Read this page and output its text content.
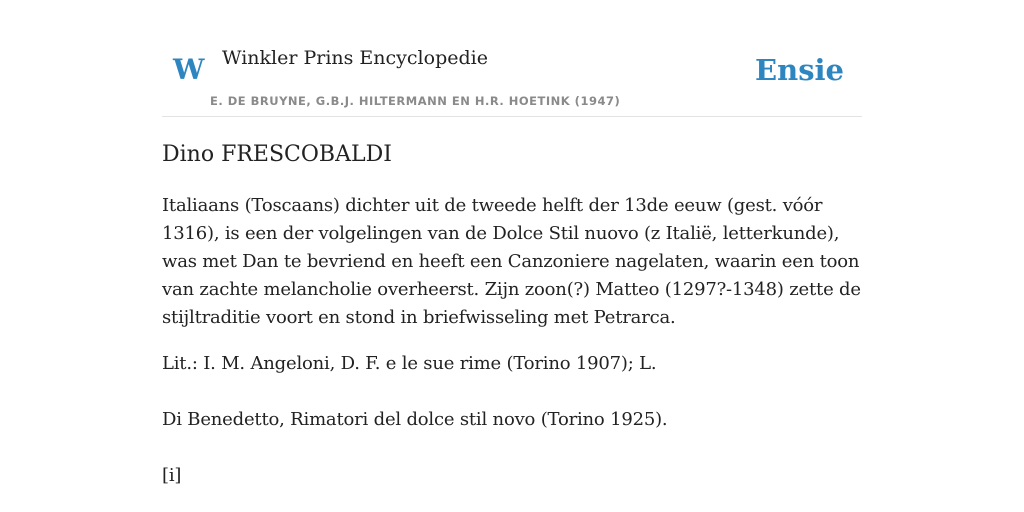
W Winkler Prins Encyclopedie
E. DE BRUYNE, G.B.J. HILTERMANN EN H.R. HOETINK (1947)
Ensie
Dino FRESCOBALDI

Italiaans (Toscaans) dichter uit de tweede helft der 13de eeuw (gest. vóór 1316), is een der volgelingen van de Dolce Stil nuovo (z Italië, letterkunde), was met Dan te bevriend en heeft een Canzoniere nagelaten, waarin een toon van zachte melancholie overheerst. Zijn zoon(?) Matteo (1297?-1348) zette de stijltraditie voort en stond in briefwisseling met Petrarca.

Lit.: I. M. Angeloni, D. F. e le sue rime (Torino 1907); L.

Di Benedetto, Rimatori del dolce stil novo (Torino 1925).

[i]
